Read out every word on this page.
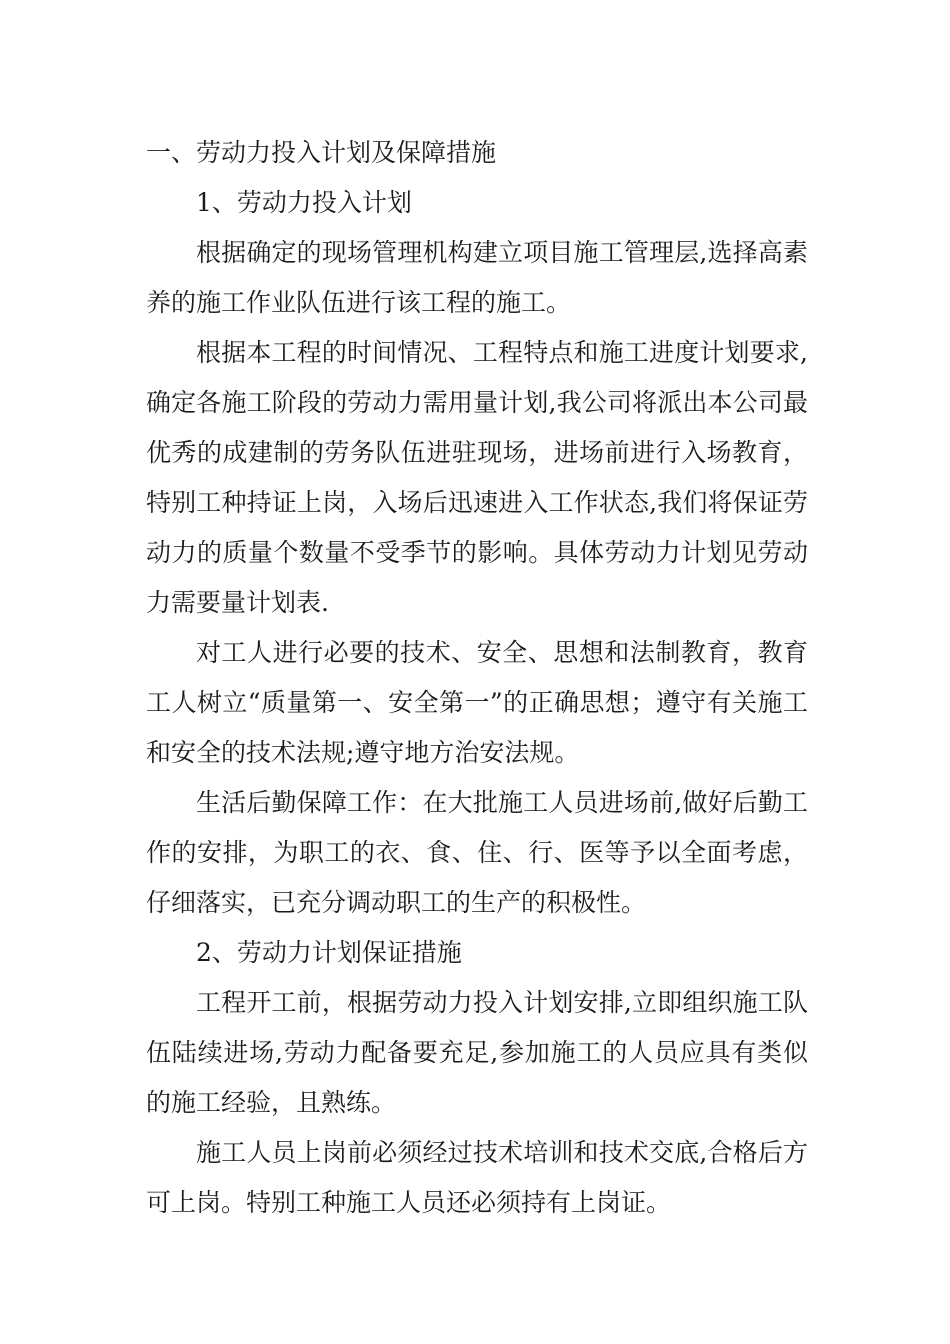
一、劳动力投入计划及保障措施
1、劳动力投入计划

根据确定的现场管理机构建立项目施工管理层,选择高素养的施工作业队伍进行该工程的施工。

根据本工程的时间情况、工程特点和施工进度计划要求,确定各施工阶段的劳动力需用量计划,我公司将派出本公司最优秀的成建制的劳务队伍进驻现场，进场前进行入场教育，特别工种持证上岗，入场后迅速进入工作状态,我们将保证劳动力的质量个数量不受季节的影响。具体劳动力计划见劳动力需要量计划表.

对工人进行必要的技术、安全、思想和法制教育，教育工人树立“质量第一、安全第一”的正确思想；遵守有关施工和安全的技术法规;遵守地方治安法规。

生活后勤保障工作：在大批施工人员进场前,做好后勤工作的安排，为职工的衣、食、住、行、医等予以全面考虑，仔细落实，已充分调动职工的生产的积极性。

2、劳动力计划保证措施

工程开工前，根据劳动力投入计划安排,立即组织施工队伍陆续进场,劳动力配备要充足,参加施工的人员应具有类似的施工经验，且熟练。

施工人员上岗前必须经过技术培训和技术交底,合格后方可上岗。特别工种施工人员还必须持有上岗证。
